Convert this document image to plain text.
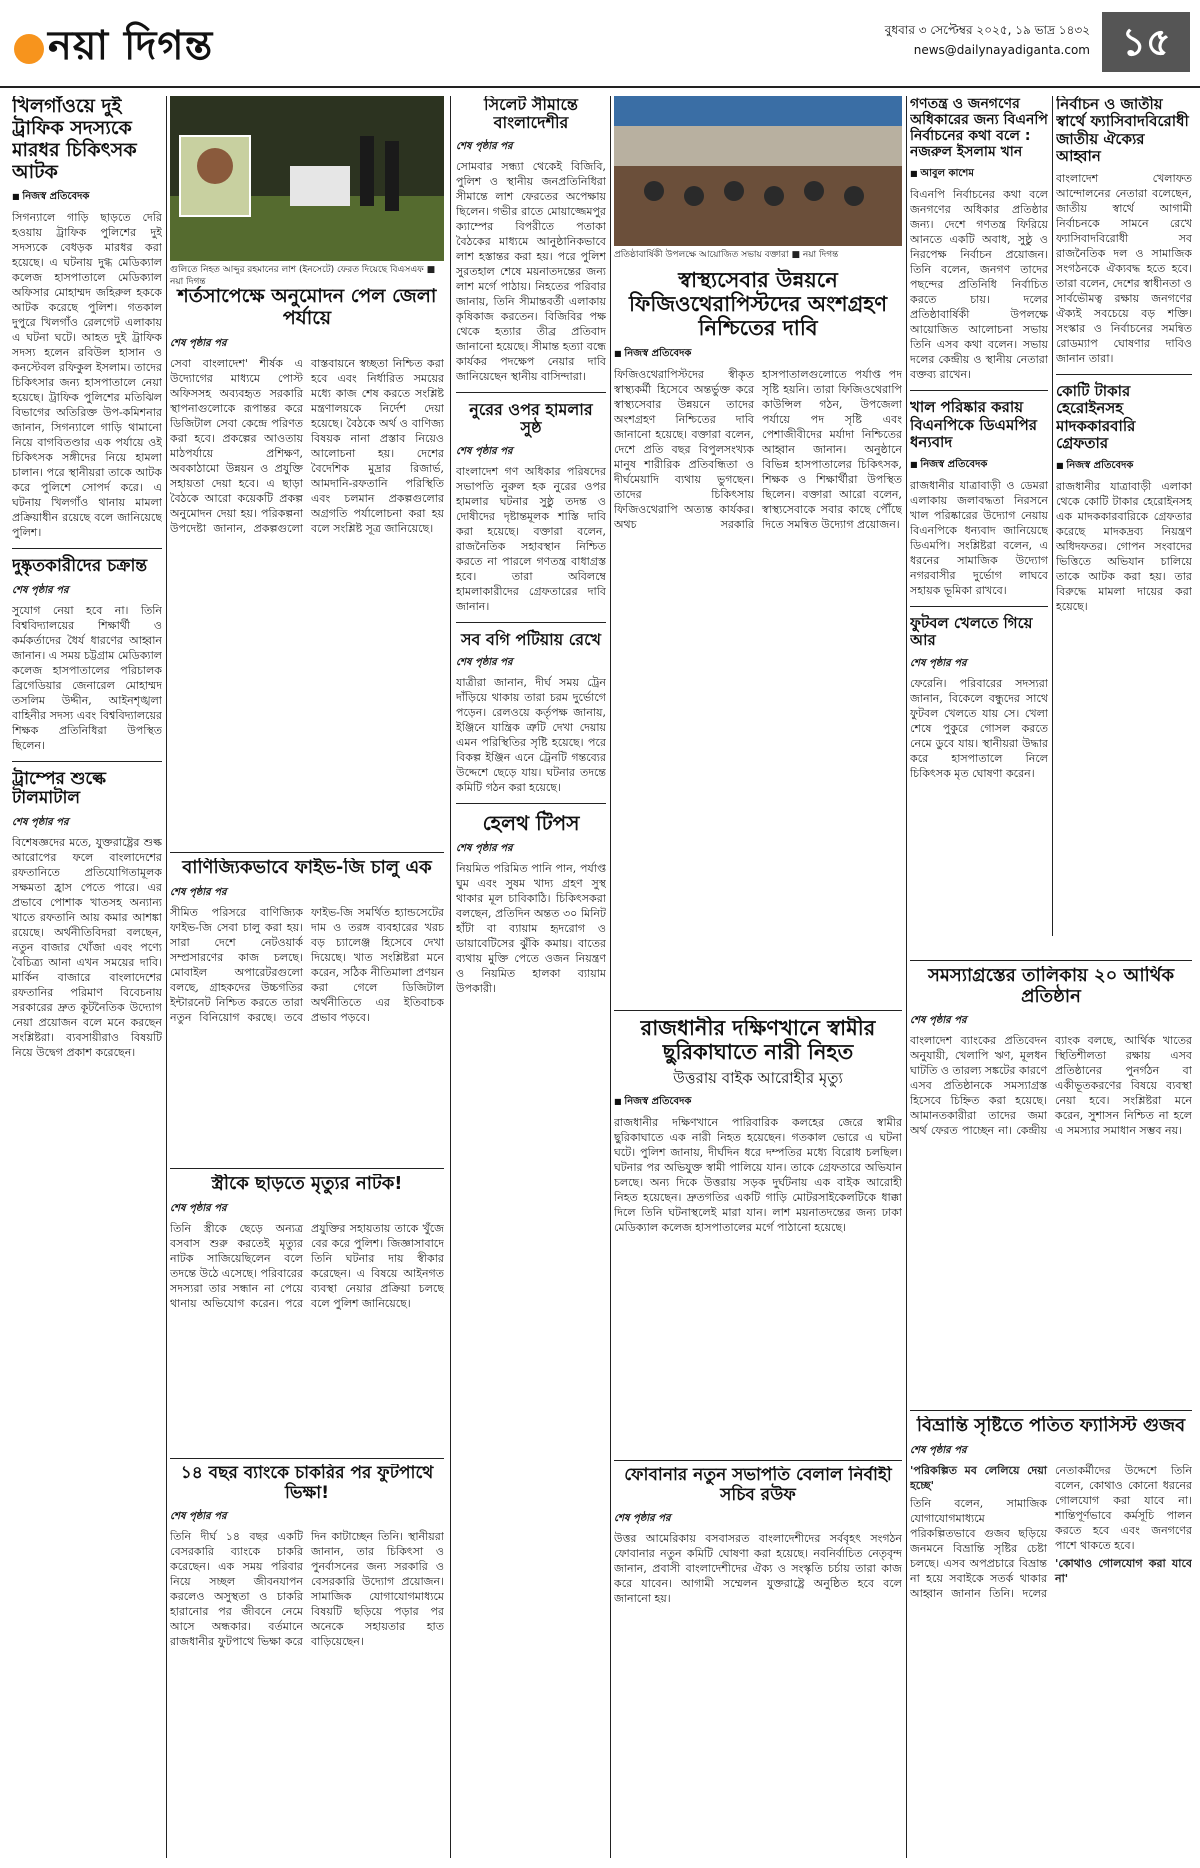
নয়া দিগন্ত	বুধবার ৩ সেপ্টেম্বর ২০২৫, ১৯ ভাদ্র ১৪৩২
news@dailynayadiganta.com ১৫
খিলগাঁওয়ে দুই ট্রাফিক সদস্যকে মারধর চিকিৎসক আটক
■ নিজস্ব প্রতিবেদক
সিগন্যালে গাড়ি ছাড়তে দেরি হওয়ায় ট্রাফিক পুলিশের দুই সদস্যকে বেধড়ক মারধর করা হয়েছে। এ ঘটনায় দুগ্ধ মেডিক্যাল কলেজ হাসপাতালে মেডিক্যাল অফিসার মোহাম্মদ জহিরুল হককে আটক করেছে পুলিশ। গতকাল দুপুরে খিলগাঁও রেলগেট এলাকায় এ ঘটনা ঘটে। আহত দুই ট্রাফিক সদস্য হলেন রবিউল হাসান ও কনস্টেবল রফিকুল ইসলাম। তাদের চিকিৎসার জন্য হাসপাতালে নেয়া হয়েছে। ট্রাফিক পুলিশের মতিঝিল বিভাগের অতিরিক্ত উপ-কমিশনার জানান, সিগন্যালে গাড়ি থামানো নিয়ে বাগবিতণ্ডার এক পর্যায়ে ওই চিকিৎসক সঙ্গীদের নিয়ে হামলা চালান। পরে স্থানীয়রা তাকে আটক করে পুলিশে সোপর্দ করে। এ ঘটনায় খিলগাঁও থানায় মামলা প্রক্রিয়াধীন রয়েছে বলে জানিয়েছে পুলিশ।
দুষ্কৃতকারীদের চক্রান্ত
শেষ পৃষ্ঠার পর
সুযোগ নেয়া হবে না। তিনি বিশ্ববিদ্যালয়ের শিক্ষার্থী ও কর্মকর্তাদের ধৈর্য ধারণের আহ্বান জানান। এ সময় চট্টগ্রাম মেডিক্যাল কলেজ হাসপাতালের পরিচালক ব্রিগেডিয়ার জেনারেল মোহাম্মদ তসলিম উদ্দীন, আইনশৃঙ্খলা বাহিনীর সদস্য এবং বিশ্ববিদ্যালয়ের শিক্ষক প্রতিনিধিরা উপস্থিত ছিলেন।
ট্রাম্পের শুল্কে টালমাটাল
শেষ পৃষ্ঠার পর
বিশেষজ্ঞদের মতে, যুক্তরাষ্ট্রের শুল্ক আরোপের ফলে বাংলাদেশের রফতানিতে প্রতিযোগিতামূলক সক্ষমতা হ্রাস পেতে পারে। এর প্রভাবে পোশাক খাতসহ অন্যান্য খাতে রফতানি আয় কমার আশঙ্কা রয়েছে। অর্থনীতিবিদরা বলছেন, নতুন বাজার খোঁজা এবং পণ্যে বৈচিত্র্য আনা এখন সময়ের দাবি। মার্কিন বাজারে বাংলাদেশের রফতানির পরিমাণ বিবেচনায় সরকারের দ্রুত কূটনৈতিক উদ্যোগ নেয়া প্রয়োজন বলে মনে করছেন সংশ্লিষ্টরা। ব্যবসায়ীরাও বিষয়টি নিয়ে উদ্বেগ প্রকাশ করেছেন।
গুলিতে নিহত আব্দুর রহমানের লাশ (ইনসেটে) ফেরত দিয়েছে বিএসএফ ■ নয়া দিগন্ত
শর্তসাপেক্ষে অনুমোদন পেল জেলা পর্যায়ে
শেষ পৃষ্ঠার পর
সেবা বাংলাদেশ' শীর্ষক এ উদ্যোগের মাধ্যমে পোস্ট অফিসসহ অব্যবহৃত সরকারি স্থাপনাগুলোকে রূপান্তর করে ডিজিটাল সেবা কেন্দ্রে পরিণত করা হবে। প্রকল্পের আওতায় মাঠপর্যায়ে প্রশিক্ষণ, অবকাঠামো উন্নয়ন ও প্রযুক্তি সহায়তা দেয়া হবে। এ ছাড়া বৈঠকে আরো কয়েকটি প্রকল্প অনুমোদন দেয়া হয়। পরিকল্পনা উপদেষ্টা জানান, প্রকল্পগুলো বাস্তবায়নে স্বচ্ছতা নিশ্চিত করা হবে এবং নির্ধারিত সময়ের মধ্যে কাজ শেষ করতে সংশ্লিষ্ট মন্ত্রণালয়কে নির্দেশ দেয়া হয়েছে। বৈঠকে অর্থ ও বাণিজ্য বিষয়ক নানা প্রস্তাব নিয়েও আলোচনা হয়। দেশের বৈদেশিক মুদ্রার রিজার্ভ, আমদানি-রফতানি পরিস্থিতি এবং চলমান প্রকল্পগুলোর অগ্রগতি পর্যালোচনা করা হয় বলে সংশ্লিষ্ট সূত্র জানিয়েছে।
বাণিজ্যিকভাবে ফাইভ-জি চালু এক
শেষ পৃষ্ঠার পর
সীমিত পরিসরে বাণিজ্যিক ফাইভ-জি সেবা চালু করা হয়। সারা দেশে নেটওয়ার্ক সম্প্রসারণের কাজ চলছে। মোবাইল অপারেটরগুলো বলছে, গ্রাহকদের উচ্চগতির ইন্টারনেট নিশ্চিত করতে তারা নতুন বিনিয়োগ করছে। তবে ফাইভ-জি সমর্থিত হ্যান্ডসেটের দাম ও তরঙ্গ ব্যবহারের খরচ বড় চ্যালেঞ্জ হিসেবে দেখা দিয়েছে। খাত সংশ্লিষ্টরা মনে করেন, সঠিক নীতিমালা প্রণয়ন করা গেলে ডিজিটাল অর্থনীতিতে এর ইতিবাচক প্রভাব পড়বে।
স্ত্রীকে ছাড়তে মৃত্যুর নাটক!
শেষ পৃষ্ঠার পর
তিনি স্ত্রীকে ছেড়ে অন্যত্র বসবাস শুরু করতেই মৃত্যুর নাটক সাজিয়েছিলেন বলে তদন্তে উঠে এসেছে। পরিবারের সদস্যরা তার সন্ধান না পেয়ে থানায় অভিযোগ করেন। পরে প্রযুক্তির সহায়তায় তাকে খুঁজে বের করে পুলিশ। জিজ্ঞাসাবাদে তিনি ঘটনার দায় স্বীকার করেছেন। এ বিষয়ে আইনগত ব্যবস্থা নেয়ার প্রক্রিয়া চলছে বলে পুলিশ জানিয়েছে।
১৪ বছর ব্যাংকে চাকরির পর ফুটপাথে ভিক্ষা!
শেষ পৃষ্ঠার পর
তিনি দীর্ঘ ১৪ বছর একটি বেসরকারি ব্যাংকে চাকরি করেছেন। এক সময় পরিবার নিয়ে সচ্ছল জীবনযাপন করলেও অসুস্থতা ও চাকরি হারানোর পর জীবনে নেমে আসে অন্ধকার। বর্তমানে রাজধানীর ফুটপাথে ভিক্ষা করে দিন কাটাচ্ছেন তিনি। স্থানীয়রা জানান, তার চিকিৎসা ও পুনর্বাসনের জন্য সরকারি ও বেসরকারি উদ্যোগ প্রয়োজন। সামাজিক যোগাযোগমাধ্যমে বিষয়টি ছড়িয়ে পড়ার পর অনেকে সহায়তার হাত বাড়িয়েছেন।
সিলেট সীমান্তে বাংলাদেশীর
শেষ পৃষ্ঠার পর
সোমবার সন্ধ্যা থেকেই বিজিবি, পুলিশ ও স্থানীয় জনপ্রতিনিধিরা সীমান্তে লাশ ফেরতের অপেক্ষায় ছিলেন। গভীর রাতে মোয়াজ্জেমপুর ক্যাম্পের বিপরীতে পতাকা বৈঠকের মাধ্যমে আনুষ্ঠানিকভাবে লাশ হস্তান্তর করা হয়। পরে পুলিশ সুরতহাল শেষে ময়নাতদন্তের জন্য লাশ মর্গে পাঠায়। নিহতের পরিবার জানায়, তিনি সীমান্তবর্তী এলাকায় কৃষিকাজ করতেন। বিজিবির পক্ষ থেকে হত্যার তীব্র প্রতিবাদ জানানো হয়েছে। সীমান্ত হত্যা বন্ধে কার্যকর পদক্ষেপ নেয়ার দাবি জানিয়েছেন স্থানীয় বাসিন্দারা।
নুরের ওপর হামলার সুষ্ঠ
শেষ পৃষ্ঠার পর
বাংলাদেশ গণ অধিকার পরিষদের সভাপতি নুরুল হক নুরের ওপর হামলার ঘটনার সুষ্ঠু তদন্ত ও দোষীদের দৃষ্টান্তমূলক শাস্তি দাবি করা হয়েছে। বক্তারা বলেন, রাজনৈতিক সহাবস্থান নিশ্চিত করতে না পারলে গণতন্ত্র বাধাগ্রস্ত হবে। তারা অবিলম্বে হামলাকারীদের গ্রেফতারের দাবি জানান।
সব বগি পটিয়ায় রেখে
শেষ পৃষ্ঠার পর
যাত্রীরা জানান, দীর্ঘ সময় ট্রেন দাঁড়িয়ে থাকায় তারা চরম দুর্ভোগে পড়েন। রেলওয়ে কর্তৃপক্ষ জানায়, ইঞ্জিনে যান্ত্রিক ত্রুটি দেখা দেয়ায় এমন পরিস্থিতির সৃষ্টি হয়েছে। পরে বিকল্প ইঞ্জিন এনে ট্রেনটি গন্তব্যের উদ্দেশে ছেড়ে যায়। ঘটনার তদন্তে কমিটি গঠন করা হয়েছে।
হেলথ টিপস
শেষ পৃষ্ঠার পর
নিয়মিত পরিমিত পানি পান, পর্যাপ্ত ঘুম এবং সুষম খাদ্য গ্রহণ সুস্থ থাকার মূল চাবিকাঠি। চিকিৎসকরা বলছেন, প্রতিদিন অন্তত ৩০ মিনিট হাঁটা বা ব্যায়াম হৃদরোগ ও ডায়াবেটিসের ঝুঁকি কমায়। বাতের ব্যথায় মুক্তি পেতে ওজন নিয়ন্ত্রণ ও নিয়মিত হালকা ব্যায়াম উপকারী।
প্রতিষ্ঠাবার্ষিকী উপলক্ষে আয়োজিত সভায় বক্তারা ■ নয়া দিগন্ত
স্বাস্থ্যসেবার উন্নয়নে ফিজিওথেরাপিস্টদের অংশগ্রহণ নিশ্চিতের দাবি
■ নিজস্ব প্রতিবেদক
ফিজিওথেরাপিস্টদের স্বীকৃত স্বাস্থ্যকর্মী হিসেবে অন্তর্ভুক্ত করে স্বাস্থ্যসেবার উন্নয়নে তাদের অংশগ্রহণ নিশ্চিতের দাবি জানানো হয়েছে। বক্তারা বলেন, দেশে প্রতি বছর বিপুলসংখ্যক মানুষ শারীরিক প্রতিবন্ধিতা ও দীর্ঘমেয়াদি ব্যথায় ভুগছেন। তাদের চিকিৎসায় ফিজিওথেরাপি অত্যন্ত কার্যকর। অথচ সরকারি হাসপাতালগুলোতে পর্যাপ্ত পদ সৃষ্টি হয়নি। তারা ফিজিওথেরাপি কাউন্সিল গঠন, উপজেলা পর্যায়ে পদ সৃষ্টি এবং পেশাজীবীদের মর্যাদা নিশ্চিতের আহ্বান জানান। অনুষ্ঠানে বিভিন্ন হাসপাতালের চিকিৎসক, শিক্ষক ও শিক্ষার্থীরা উপস্থিত ছিলেন। বক্তারা আরো বলেন, স্বাস্থ্যসেবাকে সবার কাছে পৌঁছে দিতে সমন্বিত উদ্যোগ প্রয়োজন।
রাজধানীর দক্ষিণখানে স্বামীর ছুরিকাঘাতে নারী নিহত
উত্তরায় বাইক আরোহীর মৃত্যু
■ নিজস্ব প্রতিবেদক
রাজধানীর দক্ষিণখানে পারিবারিক কলহের জেরে স্বামীর ছুরিকাঘাতে এক নারী নিহত হয়েছেন। গতকাল ভোরে এ ঘটনা ঘটে। পুলিশ জানায়, দীর্ঘদিন ধরে দম্পতির মধ্যে বিরোধ চলছিল। ঘটনার পর অভিযুক্ত স্বামী পালিয়ে যান। তাকে গ্রেফতারে অভিযান চলছে। অন্য দিকে উত্তরায় সড়ক দুর্ঘটনায় এক বাইক আরোহী নিহত হয়েছেন। দ্রুতগতির একটি গাড়ি মোটরসাইকেলটিকে ধাক্কা দিলে তিনি ঘটনাস্থলেই মারা যান। লাশ ময়নাতদন্তের জন্য ঢাকা মেডিক্যাল কলেজ হাসপাতালের মর্গে পাঠানো হয়েছে।
ফোবানার নতুন সভাপতি বেলাল নির্বাহী সচিব রউফ
শেষ পৃষ্ঠার পর
উত্তর আমেরিকায় বসবাসরত বাংলাদেশীদের সর্ববৃহৎ সংগঠন ফোবানার নতুন কমিটি ঘোষণা করা হয়েছে। নবনির্বাচিত নেতৃবৃন্দ জানান, প্রবাসী বাংলাদেশীদের ঐক্য ও সংস্কৃতি চর্চায় তারা কাজ করে যাবেন। আগামী সম্মেলন যুক্তরাষ্ট্রে অনুষ্ঠিত হবে বলে জানানো হয়।
গণতন্ত্র ও জনগণের অধিকারের জন্য বিএনপি নির্বাচনের কথা বলে : নজরুল ইসলাম খান
■ আবুল কাশেম
বিএনপি নির্বাচনের কথা বলে জনগণের অধিকার প্রতিষ্ঠার জন্য। দেশে গণতন্ত্র ফিরিয়ে আনতে একটি অবাধ, সুষ্ঠু ও নিরপেক্ষ নির্বাচন প্রয়োজন। তিনি বলেন, জনগণ তাদের পছন্দের প্রতিনিধি নির্বাচিত করতে চায়। দলের প্রতিষ্ঠাবার্ষিকী উপলক্ষে আয়োজিত আলোচনা সভায় তিনি এসব কথা বলেন। সভায় দলের কেন্দ্রীয় ও স্থানীয় নেতারা বক্তব্য রাখেন।
খাল পরিষ্কার করায় বিএনপিকে ডিএমপির ধন্যবাদ
■ নিজস্ব প্রতিবেদক
রাজধানীর যাত্রাবাড়ী ও ডেমরা এলাকায় জলাবদ্ধতা নিরসনে খাল পরিষ্কারের উদ্যোগ নেয়ায় বিএনপিকে ধন্যবাদ জানিয়েছে ডিএমপি। সংশ্লিষ্টরা বলেন, এ ধরনের সামাজিক উদ্যোগ নগরবাসীর দুর্ভোগ লাঘবে সহায়ক ভূমিকা রাখবে।
ফুটবল খেলতে গিয়ে আর
শেষ পৃষ্ঠার পর
ফেরেনি। পরিবারের সদস্যরা জানান, বিকেলে বন্ধুদের সাথে ফুটবল খেলতে যায় সে। খেলা শেষে পুকুরে গোসল করতে নেমে ডুবে যায়। স্থানীয়রা উদ্ধার করে হাসপাতালে নিলে চিকিৎসক মৃত ঘোষণা করেন।
নির্বাচন ও জাতীয় স্বার্থে ফ্যাসিবাদবিরোধী জাতীয় ঐক্যের আহ্বান
বাংলাদেশ খেলাফত আন্দোলনের নেতারা বলেছেন, জাতীয় স্বার্থে আগামী নির্বাচনকে সামনে রেখে ফ্যাসিবাদবিরোধী সব রাজনৈতিক দল ও সামাজিক সংগঠনকে ঐক্যবদ্ধ হতে হবে। তারা বলেন, দেশের স্বাধীনতা ও সার্বভৌমত্ব রক্ষায় জনগণের ঐক্যই সবচেয়ে বড় শক্তি। সংস্কার ও নির্বাচনের সমন্বিত রোডম্যাপ ঘোষণার দাবিও জানান তারা।
কোটি টাকার হেরোইনসহ মাদককারবারি গ্রেফতার
■ নিজস্ব প্রতিবেদক
রাজধানীর যাত্রাবাড়ী এলাকা থেকে কোটি টাকার হেরোইনসহ এক মাদককারবারিকে গ্রেফতার করেছে মাদকদ্রব্য নিয়ন্ত্রণ অধিদফতর। গোপন সংবাদের ভিত্তিতে অভিযান চালিয়ে তাকে আটক করা হয়। তার বিরুদ্ধে মামলা দায়ের করা হয়েছে।
সমস্যাগ্রস্তের তালিকায় ২০ আর্থিক প্রতিষ্ঠান
শেষ পৃষ্ঠার পর
বাংলাদেশ ব্যাংকের প্রতিবেদন অনুযায়ী, খেলাপি ঋণ, মূলধন ঘাটতি ও তারল্য সঙ্কটের কারণে এসব প্রতিষ্ঠানকে সমস্যাগ্রস্ত হিসেবে চিহ্নিত করা হয়েছে। আমানতকারীরা তাদের জমা অর্থ ফেরত পাচ্ছেন না। কেন্দ্রীয় ব্যাংক বলছে, আর্থিক খাতের স্থিতিশীলতা রক্ষায় এসব প্রতিষ্ঠানের পুনর্গঠন বা একীভূতকরণের বিষয়ে ব্যবস্থা নেয়া হবে। সংশ্লিষ্টরা মনে করেন, সুশাসন নিশ্চিত না হলে এ সমস্যার সমাধান সম্ভব নয়।
বিভ্রান্তি সৃষ্টিতে পতিত ফ্যাসিস্ট গুজব
শেষ পৃষ্ঠার পর
'পরিকল্পিত মব লেলিয়ে দেয়া হচ্ছে'
তিনি বলেন, সামাজিক যোগাযোগমাধ্যমে পরিকল্পিতভাবে গুজব ছড়িয়ে জনমনে বিভ্রান্তি সৃষ্টির চেষ্টা চলছে। এসব অপপ্রচারে বিভ্রান্ত না হয়ে সবাইকে সতর্ক থাকার আহ্বান জানান তিনি। দলের নেতাকর্মীদের উদ্দেশে তিনি বলেন, কোথাও কোনো ধরনের গোলযোগ করা যাবে না। শান্তিপূর্ণভাবে কর্মসূচি পালন করতে হবে এবং জনগণের পাশে থাকতে হবে।
'কোথাও গোলযোগ করা যাবে না'
